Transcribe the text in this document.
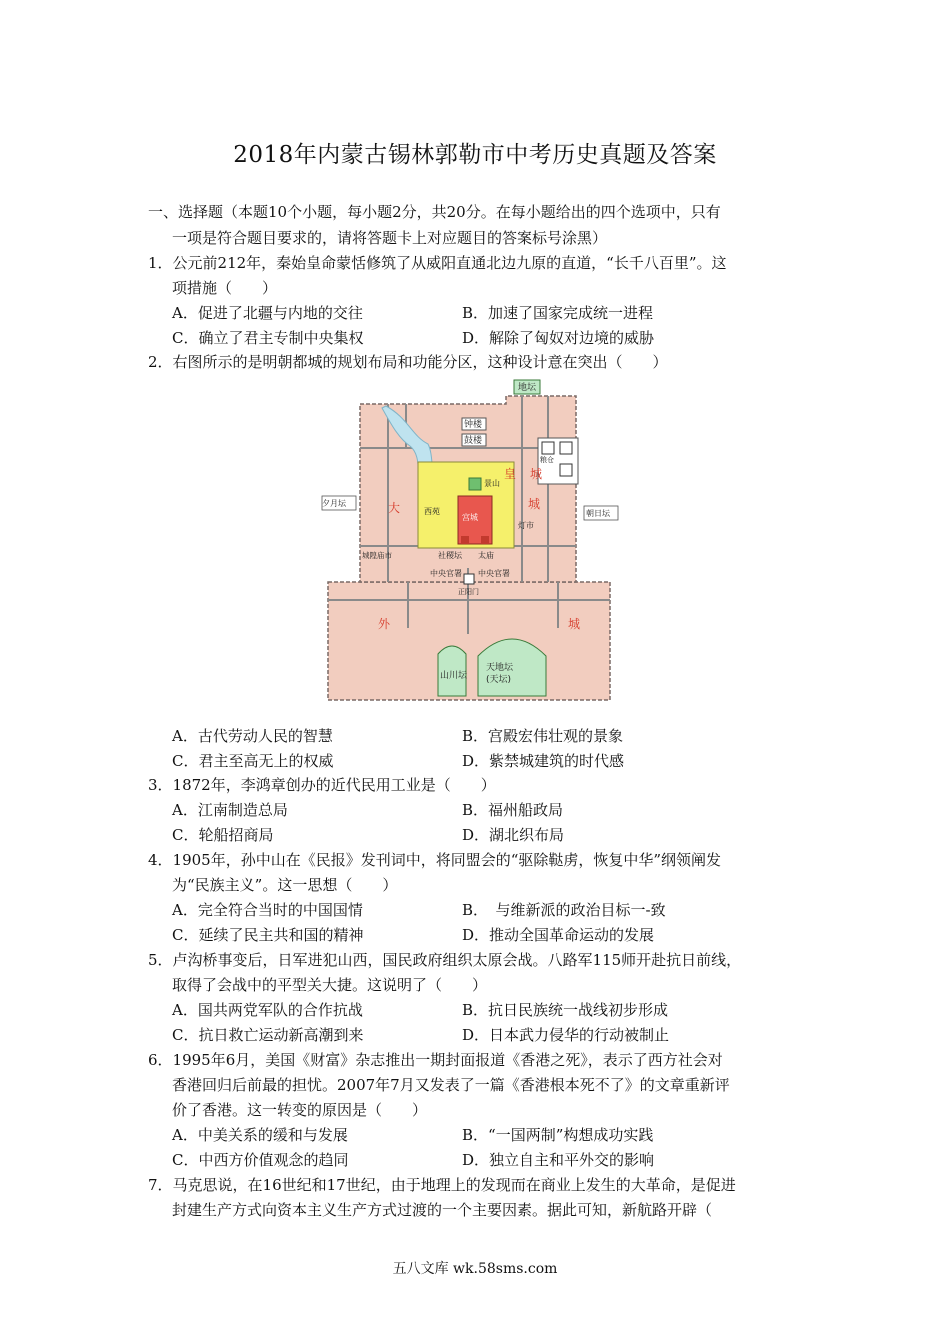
2018年内蒙古锡林郭勒市中考历史真题及答案
一、选择题（本题10个小题，每小题2分，共20分。在每小题给出的四个选项中，只有
一项是符合题目要求的，请将答题卡上对应题目的答案标号涂黑）
1．公元前212年，秦始皇命蒙恬修筑了从威阳直通北边九原的直道，“长千八百里”。这
项措施（　　）
A．促进了北疆与内地的交往	B．加速了国家完成统一进程
C．确立了君主专制中央集权	D．解除了匈奴对边境的威胁
2．右图所示的是明朝都城的规划布局和功能分区，这种设计意在突出（　　）
地坛
钟楼
鼓楼
西苑
景山
宫城
夕月坛
朝日坛
社稷坛 太庙
城隍庙市
中央官署 中央官署
灯市
粮仓
正阳门
山川坛
天地坛
(天坛)
皇
城
大
城
外	城
A．古代劳动人民的智慧	B．宫殿宏伟壮观的景象
C．君主至高无上的权威	D．紫禁城建筑的时代感
3．1872年，李鸿章创办的近代民用工业是（　　）
A．江南制造总局	B．福州船政局
C．轮船招商局	D．湖北织布局
4．1905年，孙中山在《民报》发刊词中，将同盟会的“驱除鞑虏，恢复中华”纲领阐发
为“民族主义”。这一思想（　　）
A．完全符合当时的中国国情	B．　与维新派的政治目标一-致
C．延续了民主共和国的精神	D．推动全国革命运动的发展
5．卢沟桥事变后，日军进犯山西，国民政府组织太原会战。八路军115师开赴抗日前线，
取得了会战中的平型关大捷。这说明了（　　）
A．国共两党军队的合作抗战	B．抗日民族统一战线初步形成
C．抗日救亡运动新高潮到来	D．日本武力侵华的行动被制止
6．1995年6月，美国《财富》杂志推出一期封面报道《香港之死》，表示了西方社会对
香港回归后前最的担忧。2007年7月又发表了一篇《香港根本死不了》的文章重新评
价了香港。这一转变的原因是（　　）
A．中美关系的缓和与发展	B．“一国两制”构想成功实践
C．中西方价值观念的趋同	D．独立自主和平外交的影响
7．马克思说，在16世纪和17世纪，由于地理上的发现而在商业上发生的大革命，是促进
封建生产方式向资本主义生产方式过渡的一个主要因素。据此可知，新航路开辟（
五八文库 wk.58sms.com
